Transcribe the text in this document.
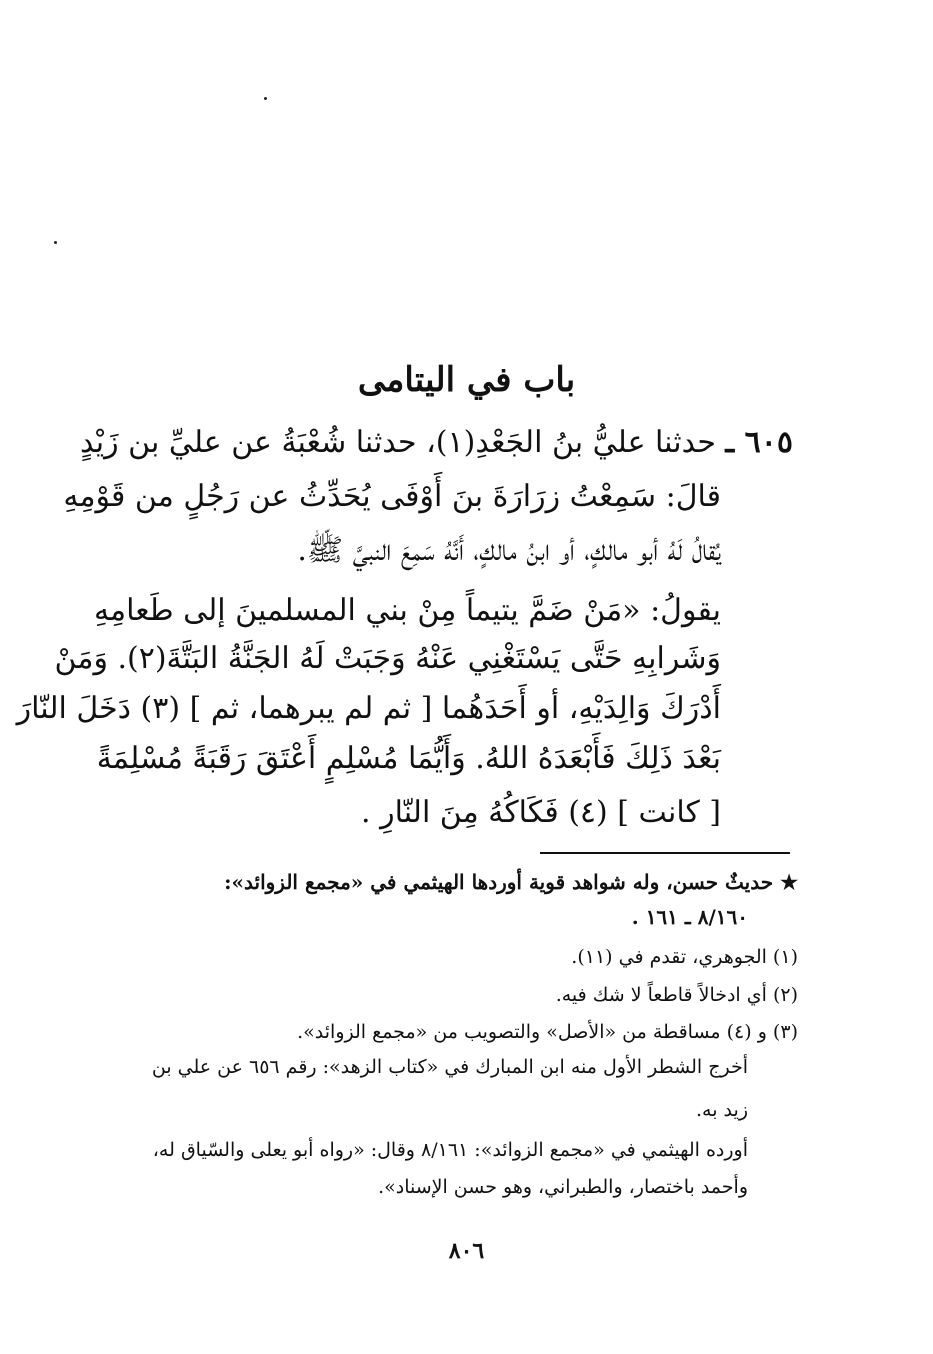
باب في اليتامى
٦٠٥ ـ حدثنا عليُّ بنُ الجَعْدِ(١)، حدثنا شُعْبَةُ عن عليِّ بن زَيْدٍ
قالَ: سَمِعْتُ زرَارَةَ بنَ أَوْفَى يُحَدِّثُ عن رَجُلٍ من قَوْمِهِ
يُقالُ لَهُ أبو مالكٍ، أو ابنُ مالكٍ، أَنَّهُ سَمِعَ النبيَّ ﷺ.
يقولُ: «مَنْ ضَمَّ يتيماً مِنْ بني المسلمينَ إلى طَعامِهِ
وَشَرابِهِ حَتَّى يَسْتَغْنِي عَنْهُ وَجَبَتْ لَهُ الجَنَّةُ البَتَّةَ(٢). وَمَنْ
أَدْرَكَ وَالِدَيْهِ، أو أَحَدَهُما [ ثم لم يبرهما، ثم ] (٣) دَخَلَ النّارَ
بَعْدَ ذَلِكَ فَأَبْعَدَهُ اللهُ. وَأَيُّمَا مُسْلِمٍ أَعْتَقَ رَقَبَةً مُسْلِمَةً
[ كانت ] (٤) فَكَاكُهُ مِنَ النّارِ .
★ حديثٌ حسن، وله شواهد قوية أوردها الهيثمي في «مجمع الزوائد»:
٨/١٦٠ ـ ١٦١ .
(١) الجوهري، تقدم في (١١).
(٢) أي ادخالاً قاطعاً لا شك فيه.
(٣) و (٤) مساقطة من «الأصل» والتصويب من «مجمع الزوائد».
أخرج الشطر الأول منه ابن المبارك في «كتاب الزهد»: رقم ٦٥٦ عن علي بن
زيد به.
أورده الهيثمي في «مجمع الزوائد»: ٨/١٦١ وقال: «رواه أبو يعلى والسّياق له،
وأحمد باختصار، والطبراني، وهو حسن الإسناد».
٨٠٦
